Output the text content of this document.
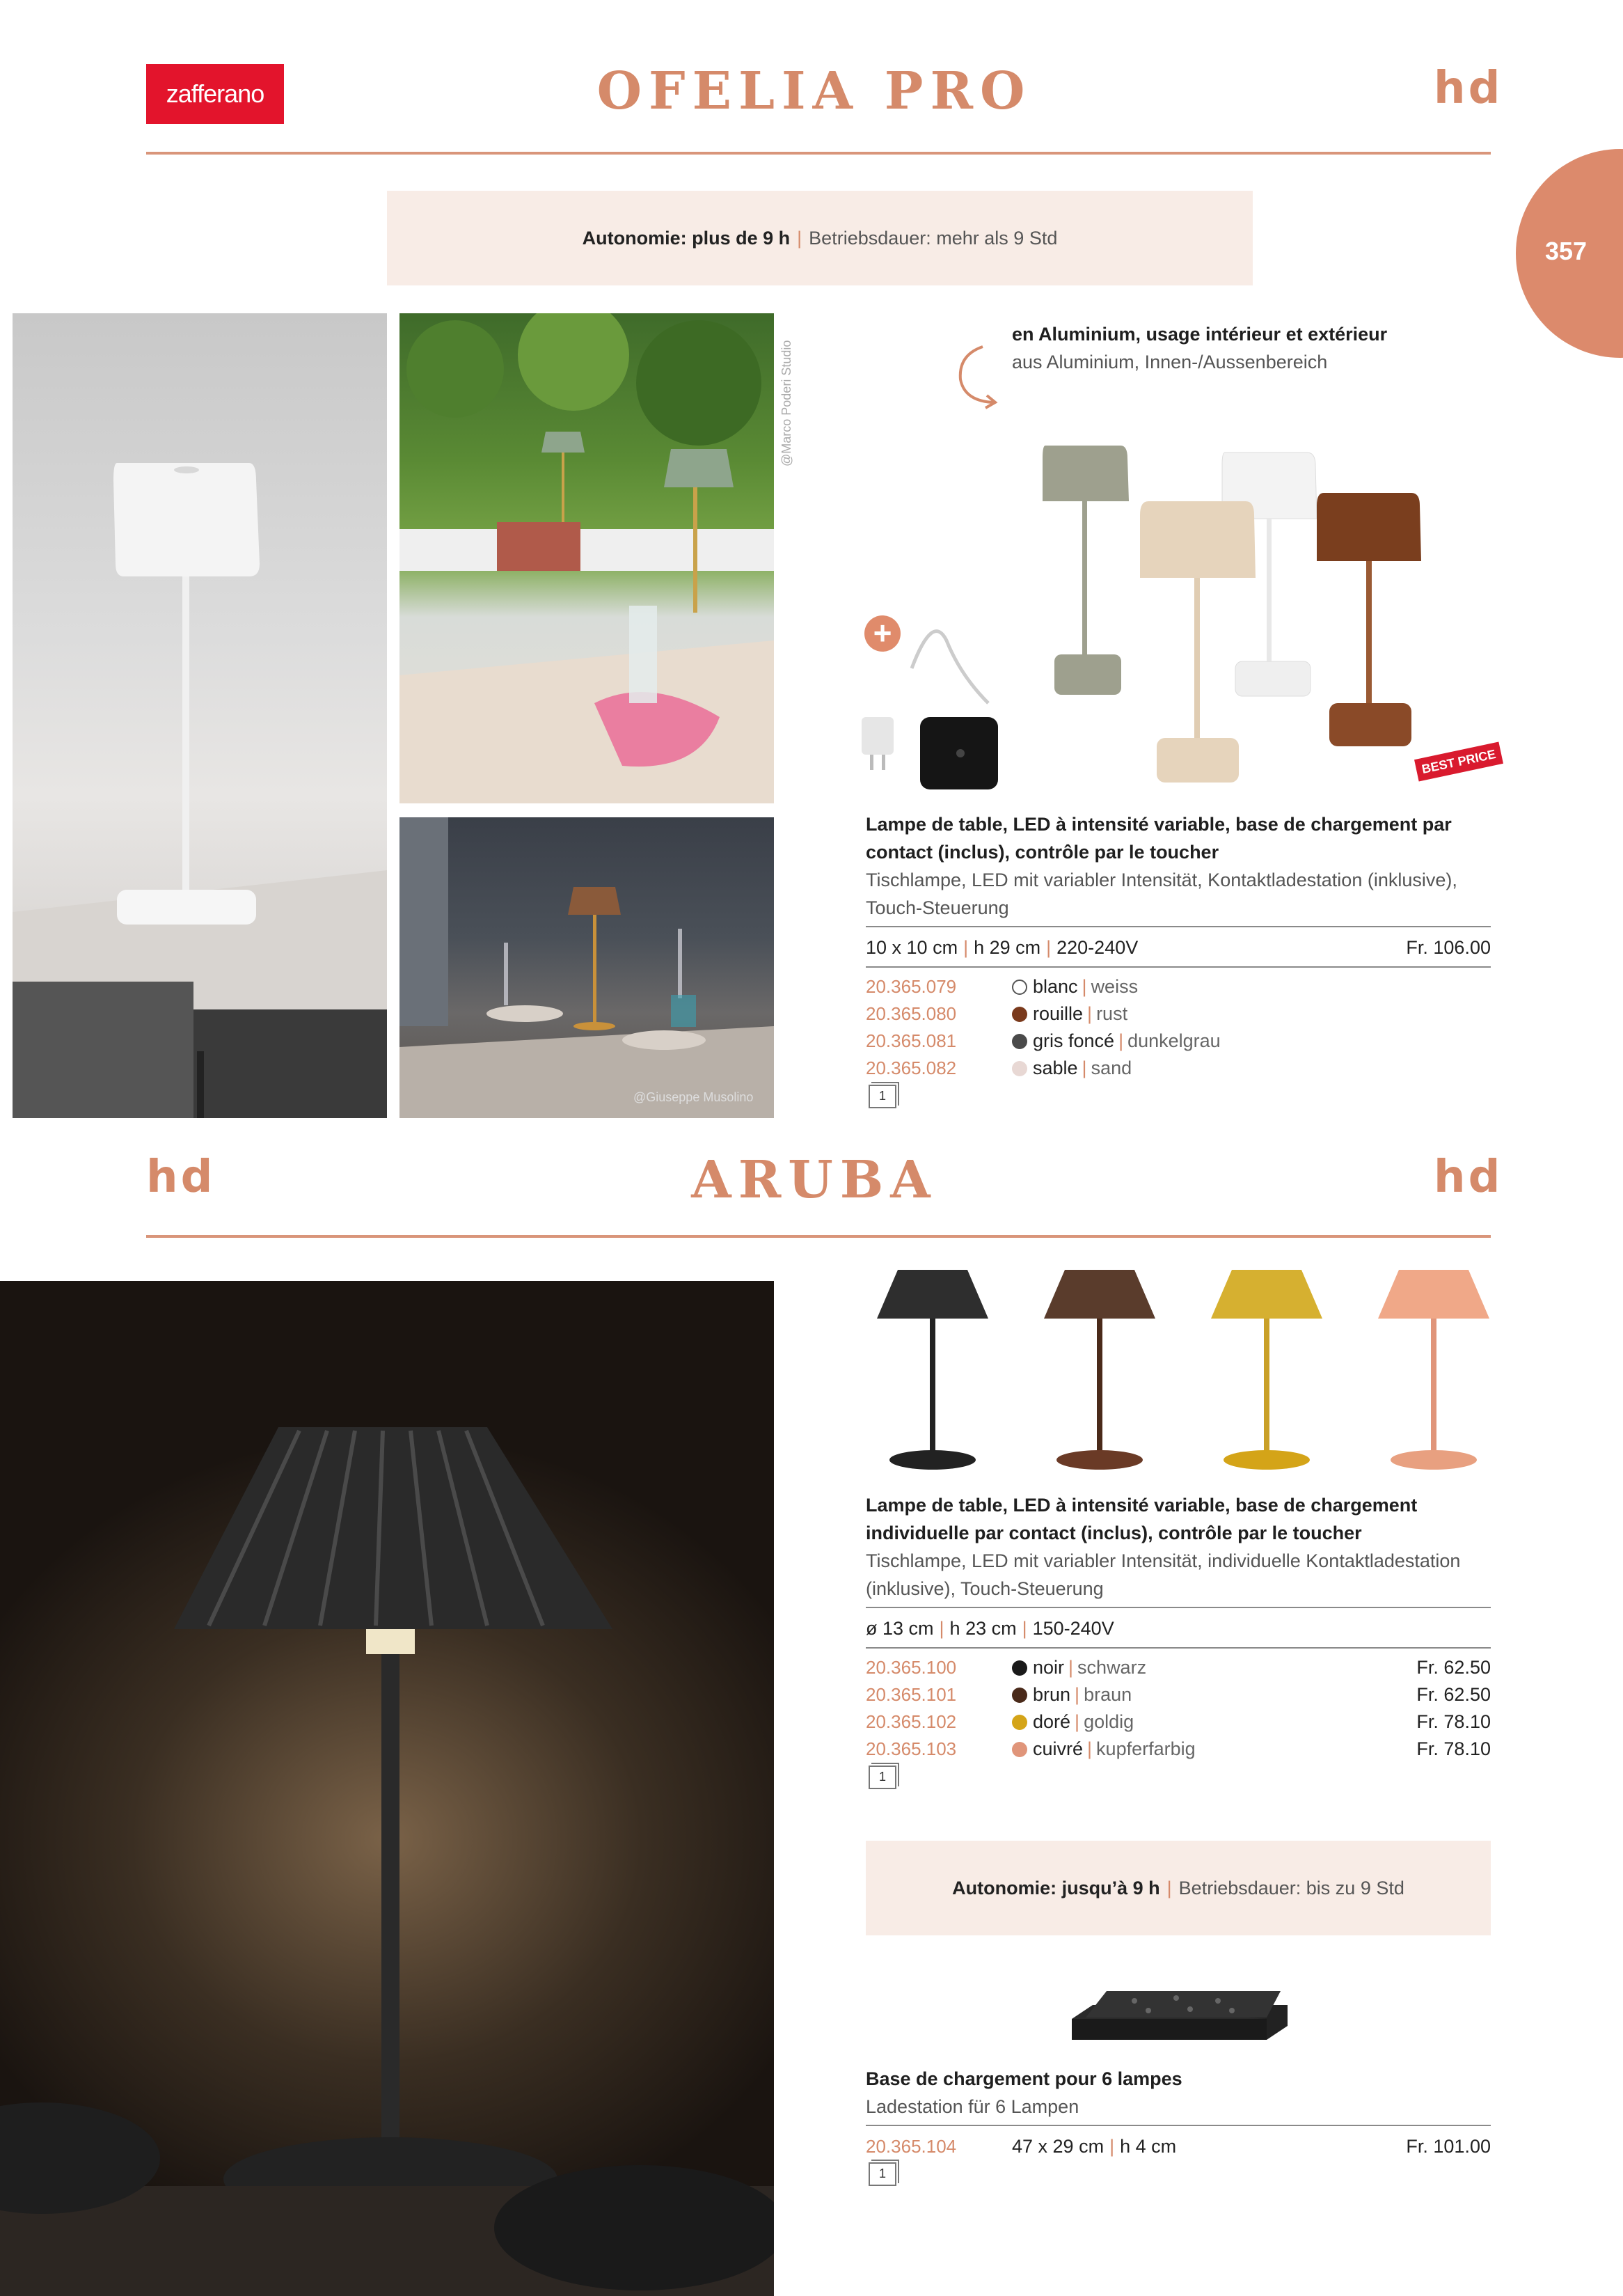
357
zafferano	OFELIA PRO	hd
Autonomie: plus de 9 h | Betriebsdauer: mehr als 9 Std
@Marco Poderi Studio
@Giuseppe Musolino
en Aluminium, usage intérieur et extérieur
aus Aluminium, Innen-/Aussenbereich
+
BEST PRICE
Lampe de table, LED à intensité variable, base de chargement par
contact (inclus), contrôle par le toucher
Tischlampe, LED mit variabler Intensität, Kontaktladestation (inklusive),
Touch-Steuerung
10 x 10 cm | h 29 cm | 220-240V	Fr. 106.00
20.365.079	blanc | weiss
20.365.080	rouille | rust
20.365.081	gris foncé | dunkelgrau
20.365.082	sable | sand
1
hd	ARUBA	hd
Lampe de table, LED à intensité variable, base de chargement
individuelle par contact (inclus), contrôle par le toucher
Tischlampe, LED mit variabler Intensität, individuelle Kontaktladestation
(inklusive), Touch-Steuerung
ø 13 cm | h 23 cm | 150-240V
20.365.100	noir | schwarz	Fr. 62.50
20.365.101	brun | braun	Fr. 62.50
20.365.102	doré | goldig	Fr. 78.10
20.365.103	cuivré | kupferfarbig	Fr. 78.10
1
Autonomie: jusqu’à 9 h | Betriebsdauer: bis zu 9 Std
Base de chargement pour 6 lampes
Ladestation für 6 Lampen
20.365.104	47 x 29 cm | h 4 cm	Fr. 101.00
1
